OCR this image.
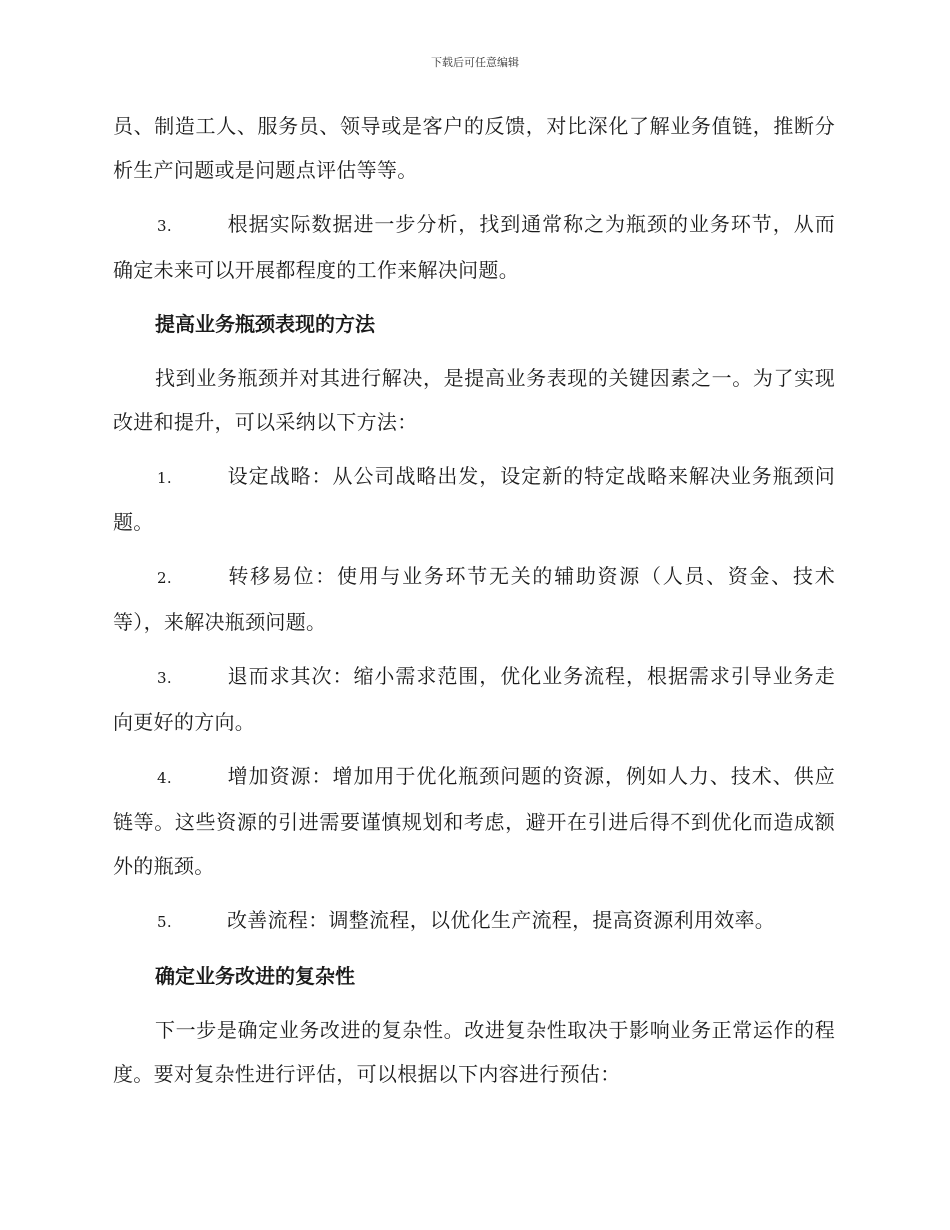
下载后可任意编辑

员、制造工人、服务员、领导或是客户的反馈，对比深化了解业务值链，推断分析生产问题或是问题点评估等等。

3.	根据实际数据进一步分析，找到通常称之为瓶颈的业务环节，从而确定未来可以开展都程度的工作来解决问题。

提高业务瓶颈表现的方法

找到业务瓶颈并对其进行解决，是提高业务表现的关键因素之一。为了实现改进和提升，可以采纳以下方法：

1.	设定战略：从公司战略出发，设定新的特定战略来解决业务瓶颈问题。

2.	转移易位：使用与业务环节无关的辅助资源（人员、资金、技术等），来解决瓶颈问题。

3.	退而求其次：缩小需求范围，优化业务流程，根据需求引导业务走向更好的方向。

4.	增加资源：增加用于优化瓶颈问题的资源，例如人力、技术、供应链等。这些资源的引进需要谨慎规划和考虑，避开在引进后得不到优化而造成额外的瓶颈。

5.	改善流程：调整流程，以优化生产流程，提高资源利用效率。

确定业务改进的复杂性

下一步是确定业务改进的复杂性。改进复杂性取决于影响业务正常运作的程度。要对复杂性进行评估，可以根据以下内容进行预估：
